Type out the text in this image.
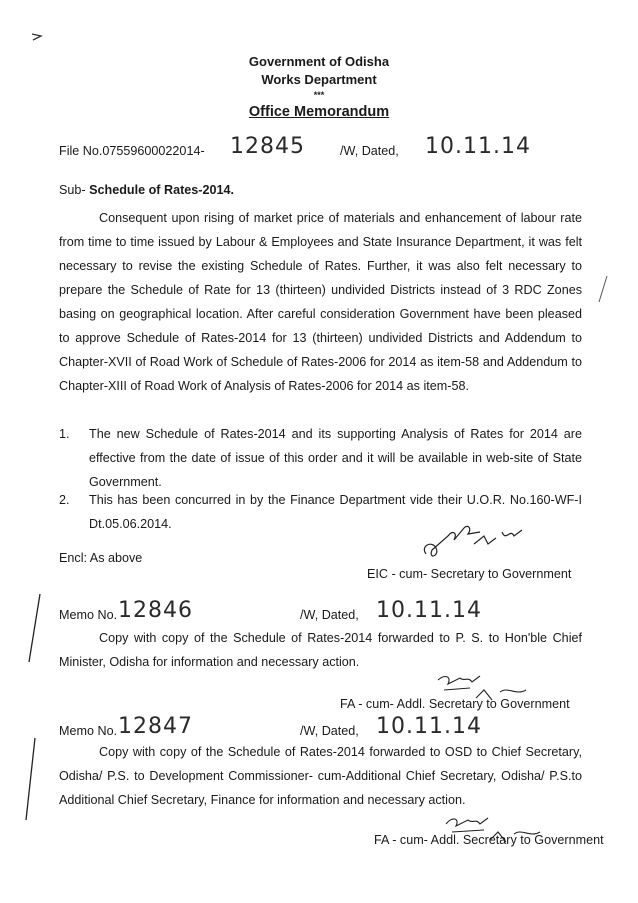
Government of Odisha
Works Department
***
Office Memorandum
File No.07559600022014- 12845	/W, Dated, 10.11.14
Sub- Schedule of Rates-2014.
Consequent upon rising of market price of materials and enhancement of labour rate from time to time issued by Labour & Employees and State Insurance Department, it was felt necessary to revise the existing Schedule of Rates. Further, it was also felt necessary to prepare the Schedule of Rate for 13 (thirteen) undivided Districts instead of 3 RDC Zones basing on geographical location. After careful consideration Government have been pleased to approve Schedule of Rates-2014 for 13 (thirteen) undivided Districts and Addendum to Chapter-XVII of Road Work of Schedule of Rates-2006 for 2014 as item-58 and Addendum to Chapter-XIII of Road Work of Analysis of Rates-2006 for 2014 as item-58.
1. The new Schedule of Rates-2014 and its supporting Analysis of Rates for 2014 are effective from the date of issue of this order and it will be available in web-site of State Government.
2. This has been concurred in by the Finance Department vide their U.O.R. No.160-WF-I Dt.05.06.2014.
Encl: As above
EIC - cum- Secretary to Government
Memo No. 12846	/W, Dated, 10.11.14
Copy with copy of the Schedule of Rates-2014 forwarded to P. S. to Hon'ble Chief Minister, Odisha for information and necessary action.
FA - cum- Addl. Secretary to Government
Memo No. 12847	/W, Dated, 10.11.14
Copy with copy of the Schedule of Rates-2014 forwarded to OSD to Chief Secretary, Odisha/ P.S. to Development Commissioner- cum-Additional Chief Secretary, Odisha/ P.S.to Additional Chief Secretary, Finance for information and necessary action.
FA - cum- Addl. Secretary to Government
